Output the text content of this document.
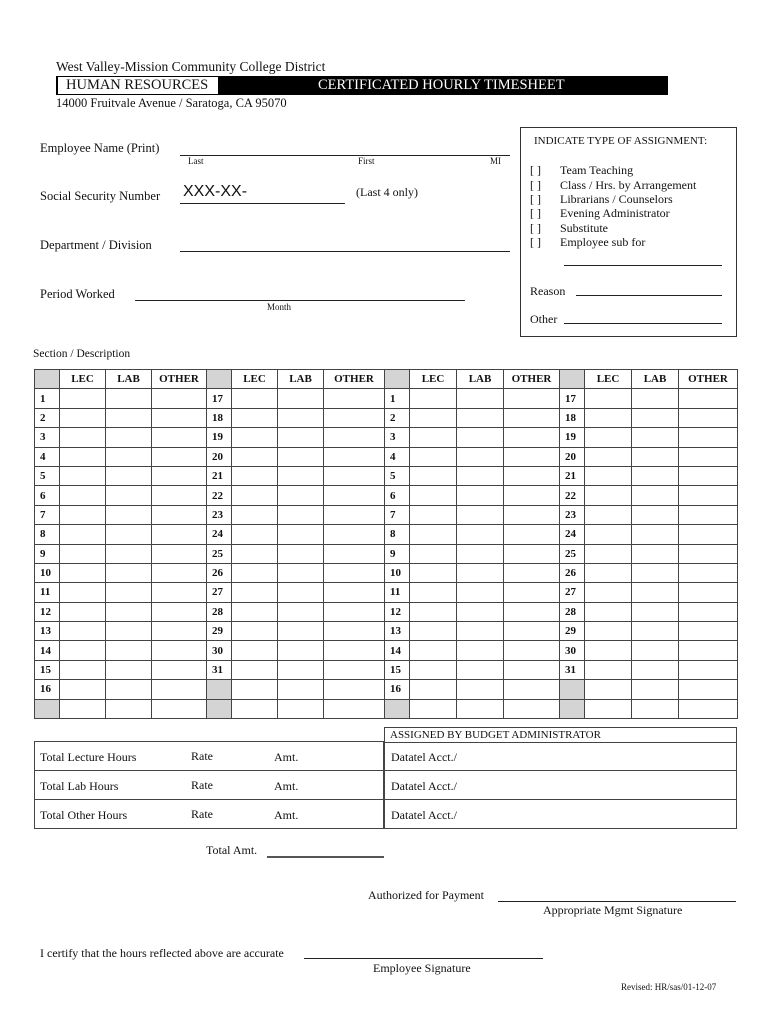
West Valley-Mission Community College District
HUMAN RESOURCES	CERTIFICATED HOURLY TIMESHEET
14000 Fruitvale Avenue / Saratoga, CA 95070
Employee Name (Print)
Last	First	MI
Social Security Number XXX-XX-	(Last 4 only)
Department / Division
Period Worked
Month
INDICATE TYPE OF ASSIGNMENT:
[ ] Team Teaching
[ ] Class / Hrs. by Arrangement
[ ] Librarians / Counselors
[ ] Evening Administrator
[ ] Substitute
[ ] Employee sub for
Reason
Other
Section / Description
	LEC	LAB	OTHER		LEC	LAB	OTHER
1				17			
2				18			
3				19			
4				20			
5				21			
6				22			
7				23			
8				24			
9				25			
10				26			
11				27			
12				28			
13				29			
14				30			
15				31			
16							

	LEC	LAB	OTHER		LEC	LAB	OTHER
1				17			
2				18			
3				19			
4				20			
5				21			
6				22			
7				23			
8				24			
9				25			
10				26			
11				27			
12				28			
13				29			
14				30			
15				31			
16							

Total Lecture Hours	Rate	Amt.
Total Lab Hours	Rate	Amt.
Total Other Hours	Rate	Amt.
ASSIGNED BY BUDGET ADMINISTRATOR
Datatel Acct./
Datatel Acct./
Datatel Acct./
Total Amt.
Authorized for Payment
Appropriate Mgmt Signature
I certify that the hours reflected above are accurate
Employee Signature
Revised: HR/sas/01-12-07
